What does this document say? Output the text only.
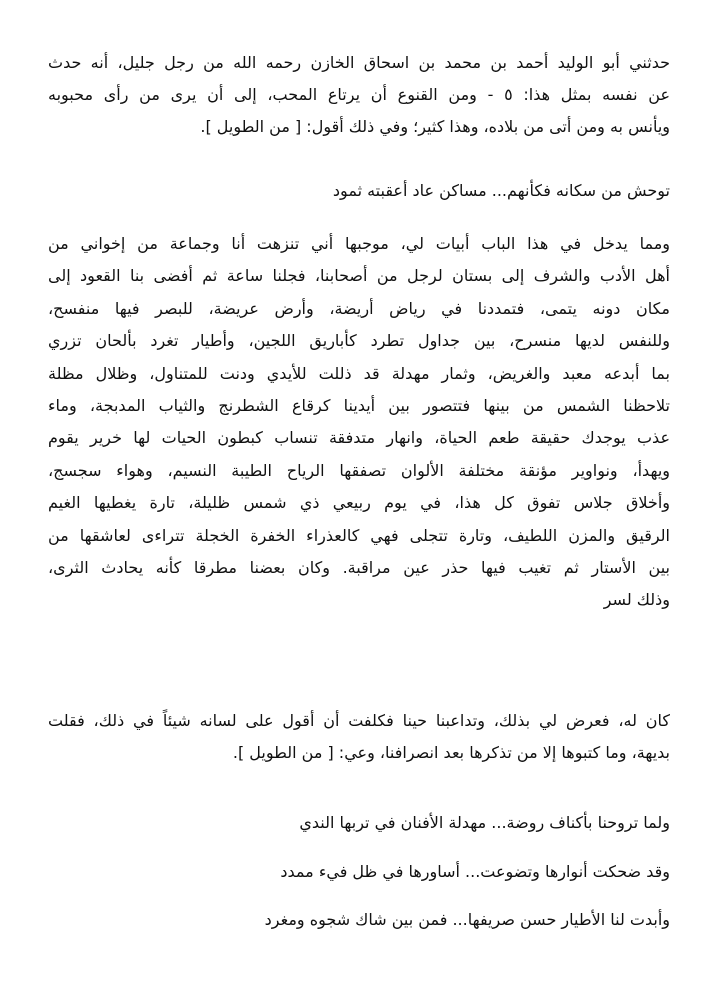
حدثني أبو الوليد أحمد بن محمد بن اسحاق الخازن رحمه الله من رجل جليل، أنه حدث
عن نفسه بمثل هذا: ٥ - ومن القنوع أن يرتاع المحب، إلى أن يرى من رأى محبوبه
ويأنس به ومن أتى من بلاده، وهذا كثير؛ وفي ذلك أقول: [ من الطويل ].
توحش من سكانه فكأنهم... مساكن عاد أعقبته ثمود
ومما يدخل في هذا الباب أبيات لي، موجبها أني تنزهت أنا وجماعة من إخواني من
أهل الأدب والشرف إلى بستان لرجل من أصحابنا، فجلنا ساعة ثم أفضى بنا القعود إلى
مكان دونه يتمى، فتمددنا في رياض أريضة، وأرض عريضة، للبصر فيها منفسح،
وللنفس لديها منسرح، بين جداول تطرد كأباريق اللجين، وأطيار تغرد بألحان تزري
بما أبدعه معبد والغريض، وثمار مهدلة قد ذللت للأيدي ودنت للمتناول، وظلال مظلة
تلاحظنا الشمس من بينها فتتصور بين أيدينا كرقاع الشطرنج والثياب المدبجة، وماء
عذب يوجدك حقيقة طعم الحياة، وانهار متدفقة تنساب كبطون الحيات لها خرير يقوم
ويهدأ، ونواوير مؤنقة مختلفة الألوان تصفقها الرياح الطيبة النسيم، وهواء سجسج،
وأخلاق جلاس تفوق كل هذا، في يوم ربيعي ذي شمس ظليلة، تارة يغطيها الغيم
الرقيق والمزن اللطيف، وتارة تتجلى فهي كالعذراء الخفرة الخجلة تتراءى لعاشقها من
بين الأستار ثم تغيب فيها حذر عين مراقبة. وكان بعضنا مطرقا كأنه يحادث الثرى،
وذلك لسر
كان له، فعرض لي بذلك، وتداعبنا حينا فكلفت أن أقول على لسانه شيئاً في ذلك، فقلت
بديهة، وما كتبوها إلا من تذكرها بعد انصرافنا، وعي: [ من الطويل ].
ولما تروحنا بأكناف روضة... مهدلة الأفنان في تربها الندي
وقد ضحكت أنوارها وتضوعت... أساورها في ظل فيء ممدد
وأبدت لنا الأطيار حسن صريفها... فمن بين شاك شجوه ومغرد
